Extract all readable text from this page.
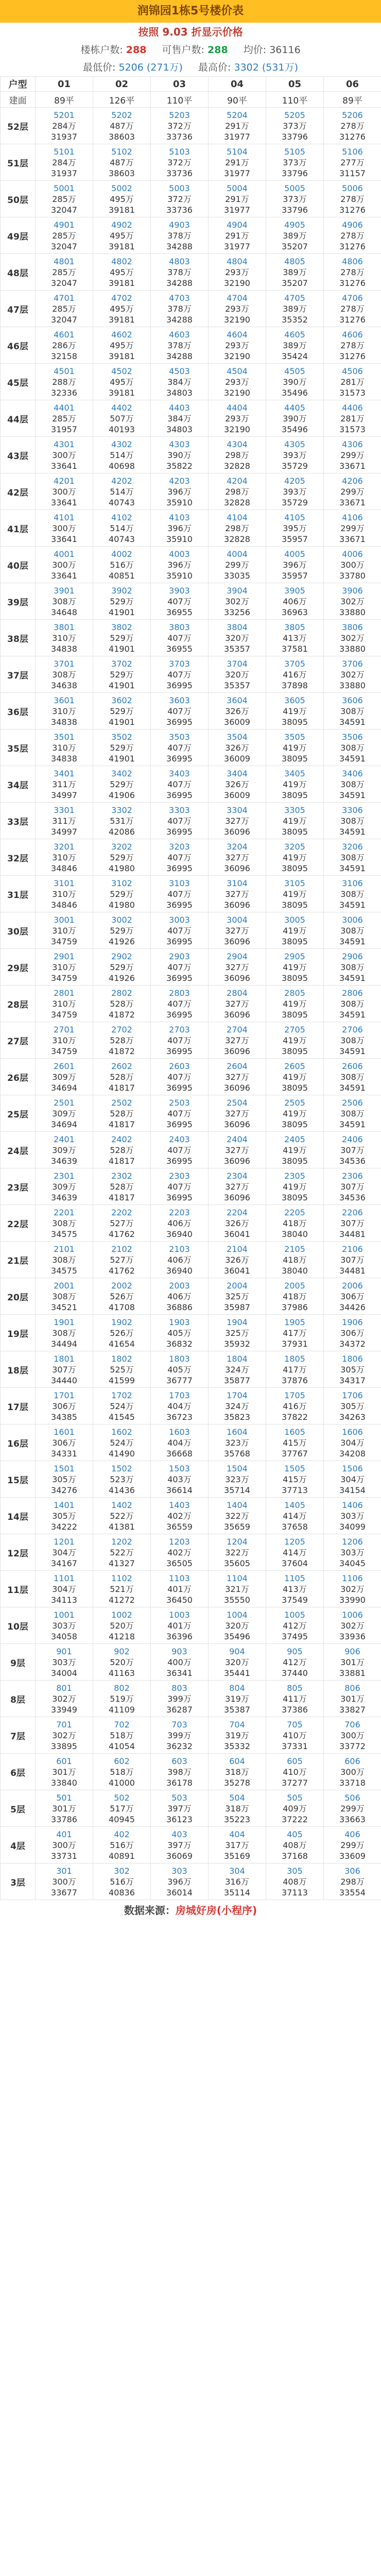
润锦园1栋5号楼价表
按照 9.03 折显示价格
楼栋户数: 288 可售户数: 288 均价: 36116
最低价: 5206 (271万) 最高价: 3302 (531万)
户型	01	02	03	04	05	06
建面	89平	126平	110平	90平	110平	89平
52层	5201
284万
31937	5202
487万
38603	5203
372万
33736	5204
291万
31977	5205
373万
33796	5206
278万
31276

51层	5101
284万
31937	5102
487万
38603	5103
372万
33736	5104
291万
31977	5105
373万
33796	5106
277万
31157

50层	5001
285万
32047	5002
495万
39181	5003
372万
33736	5004
291万
31977	5005
373万
33796	5006
278万
31276

49层	4901
285万
32047	4902
495万
39181	4903
378万
34288	4904
291万
31977	4905
389万
35207	4906
278万
31276

48层	4801
285万
32047	4802
495万
39181	4803
378万
34288	4804
293万
32190	4805
389万
35207	4806
278万
31276

47层	4701
285万
32047	4702
495万
39181	4703
378万
34288	4704
293万
32190	4705
389万
35352	4706
278万
31276

46层	4601
286万
32158	4602
495万
39181	4603
378万
34288	4604
293万
32190	4605
389万
35424	4606
278万
31276

45层	4501
288万
32336	4502
495万
39181	4503
384万
34803	4504
293万
32190	4505
390万
35496	4506
281万
31573

44层	4401
285万
31957	4402
507万
40193	4403
384万
34803	4404
293万
32190	4405
390万
35496	4406
281万
31573

43层	4301
300万
33641	4302
514万
40698	4303
390万
35822	4304
298万
32828	4305
393万
35729	4306
299万
33671

42层	4201
300万
33641	4202
514万
40743	4203
396万
35910	4204
298万
32828	4205
393万
35729	4206
299万
33671

41层	4101
300万
33641	4102
514万
40743	4103
396万
35910	4104
298万
32828	4105
395万
35957	4106
299万
33671

40层	4001
300万
33641	4002
516万
40851	4003
396万
35910	4004
299万
33035	4005
396万
35957	4006
300万
33780

39层	3901
308万
34648	3902
529万
41901	3903
407万
36955	3904
302万
33256	3905
406万
36963	3906
302万
33880

38层	3801
310万
34838	3802
529万
41901	3803
407万
36955	3804
320万
35357	3805
413万
37581	3806
302万
33880

37层	3701
308万
34638	3702
529万
41901	3703
407万
36995	3704
320万
35357	3705
416万
37898	3706
302万
33880

36层	3601
310万
34838	3602
529万
41901	3603
407万
36995	3604
326万
36009	3605
419万
38095	3606
308万
34591

35层	3501
310万
34838	3502
529万
41901	3503
407万
36995	3504
326万
36009	3505
419万
38095	3506
308万
34591

34层	3401
311万
34997	3402
529万
41906	3403
407万
36995	3404
326万
36009	3405
419万
38095	3406
308万
34591

33层	3301
311万
34997	3302
531万
42086	3303
407万
36995	3304
327万
36096	3305
419万
38095	3306
308万
34591

32层	3201
310万
34846	3202
529万
41980	3203
407万
36995	3204
327万
36096	3205
419万
38095	3206
308万
34591

31层	3101
310万
34846	3102
529万
41980	3103
407万
36995	3104
327万
36096	3105
419万
38095	3106
308万
34591

30层	3001
310万
34759	3002
529万
41926	3003
407万
36995	3004
327万
36096	3005
419万
38095	3006
308万
34591

29层	2901
310万
34759	2902
529万
41926	2903
407万
36995	2904
327万
36096	2905
419万
38095	2906
308万
34591

28层	2801
310万
34759	2802
528万
41872	2803
407万
36995	2804
327万
36096	2805
419万
38095	2806
308万
34591

27层	2701
310万
34759	2702
528万
41872	2703
407万
36995	2704
327万
36096	2705
419万
38095	2706
308万
34591

26层	2601
309万
34694	2602
528万
41817	2603
407万
36995	2604
327万
36096	2605
419万
38095	2606
308万
34591

25层	2501
309万
34694	2502
528万
41817	2503
407万
36995	2504
327万
36096	2505
419万
38095	2506
308万
34591

24层	2401
309万
34639	2402
528万
41817	2403
407万
36995	2404
327万
36096	2405
419万
38095	2406
307万
34536

23层	2301
309万
34639	2302
528万
41817	2303
407万
36995	2304
327万
36096	2305
419万
38095	2306
307万
34536

22层	2201
308万
34575	2202
527万
41762	2203
406万
36940	2204
326万
36041	2205
418万
38040	2206
307万
34481

21层	2101
308万
34575	2102
527万
41762	2103
406万
36940	2104
326万
36041	2105
418万
38040	2106
307万
34481

20层	2001
308万
34521	2002
526万
41708	2003
406万
36886	2004
325万
35987	2005
418万
37986	2006
306万
34426

19层	1901
308万
34494	1902
526万
41654	1903
405万
36832	1904
325万
35932	1905
417万
37931	1906
306万
34372

18层	1801
307万
34440	1802
525万
41599	1803
405万
36777	1804
324万
35877	1805
417万
37876	1806
305万
34317

17层	1701
306万
34385	1702
524万
41545	1703
404万
36723	1704
324万
35823	1705
416万
37822	1706
305万
34263

16层	1601
306万
34331	1602
524万
41490	1603
404万
36668	1604
323万
35768	1605
415万
37767	1606
304万
34208

15层	1501
305万
34276	1502
523万
41436	1503
403万
36614	1504
323万
35714	1505
415万
37713	1506
304万
34154

14层	1401
305万
34222	1402
522万
41381	1403
402万
36559	1404
322万
35659	1405
414万
37658	1406
303万
34099

12层	1201
304万
34167	1202
522万
41327	1203
402万
36505	1204
322万
35605	1205
414万
37604	1206
303万
34045

11层	1101
304万
34113	1102
521万
41272	1103
401万
36450	1104
321万
35550	1105
413万
37549	1106
302万
33990

10层	1001
303万
34058	1002
520万
41218	1003
401万
36396	1004
320万
35496	1005
412万
37495	1006
302万
33936

9层	901
303万
34004	902
520万
41163	903
400万
36341	904
320万
35441	905
412万
37440	906
301万
33881

8层	801
302万
33949	802
519万
41109	803
399万
36287	804
319万
35387	805
411万
37386	806
301万
33827

7层	701
302万
33895	702
518万
41054	703
399万
36232	704
319万
35332	705
410万
37331	706
300万
33772

6层	601
301万
33840	602
518万
41000	603
398万
36178	604
318万
35278	605
410万
37277	606
300万
33718

5层	501
301万
33786	502
517万
40945	503
397万
36123	504
318万
35223	505
409万
37222	506
299万
33663

4层	401
300万
33731	402
516万
40891	403
397万
36069	404
317万
35169	405
408万
37168	406
299万
33609

3层	301
300万
33677	302
516万
40836	303
396万
36014	304
316万
35114	305
408万
37113	306
298万
33554
数据来源：房城好房(小程序)
